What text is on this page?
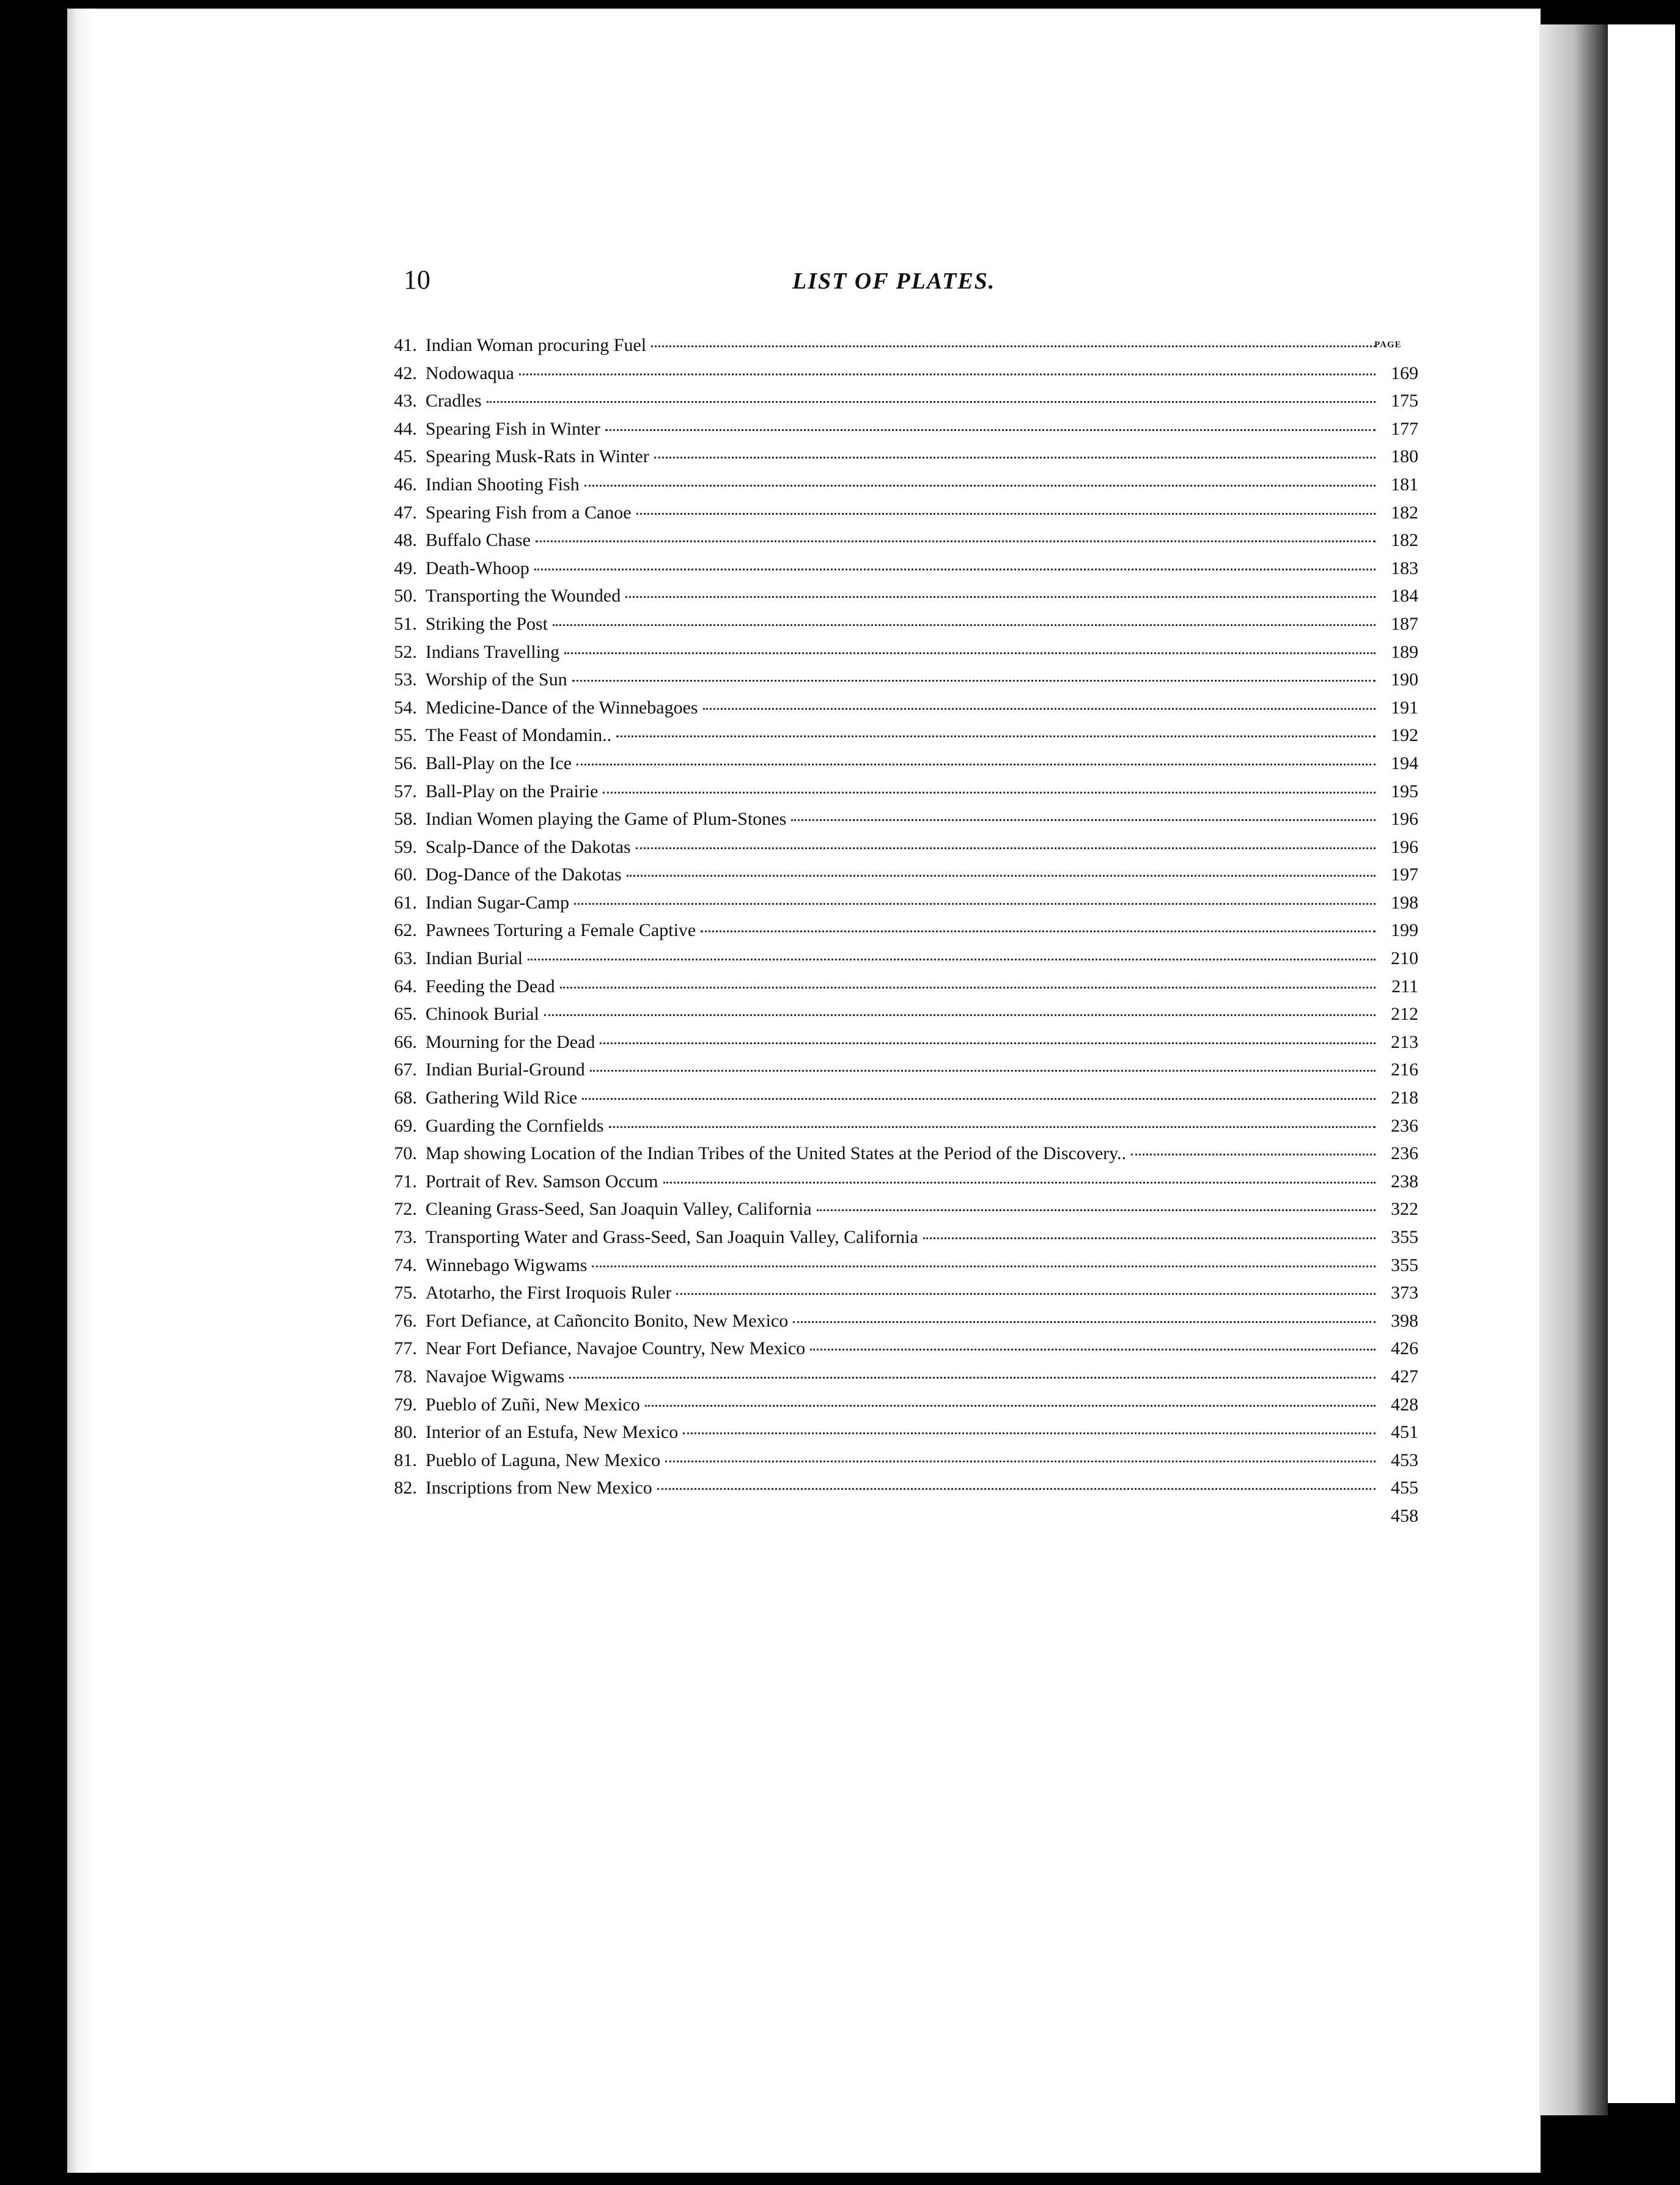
10	LIST OF PLATES.
PAGE
41. Indian Woman procuring Fuel
42. Nodowaqua	169
43. Cradles	175
44. Spearing Fish in Winter	177
45. Spearing Musk-Rats in Winter	180
46. Indian Shooting Fish	181
47. Spearing Fish from a Canoe	182
48. Buffalo Chase	182
49. Death-Whoop	183
50. Transporting the Wounded	184
51. Striking the Post	187
52. Indians Travelling	189
53. Worship of the Sun	190
54. Medicine-Dance of the Winnebagoes	191
55. The Feast of Mondamin..	192
56. Ball-Play on the Ice	194
57. Ball-Play on the Prairie	195
58. Indian Women playing the Game of Plum-Stones	196
59. Scalp-Dance of the Dakotas	196
60. Dog-Dance of the Dakotas	197
61. Indian Sugar-Camp	198
62. Pawnees Torturing a Female Captive	199
63. Indian Burial	210
64. Feeding the Dead	211
65. Chinook Burial	212
66. Mourning for the Dead	213
67. Indian Burial-Ground	216
68. Gathering Wild Rice	218
69. Guarding the Cornfields	236
70. Map showing Location of the Indian Tribes of the United States at the Period of the Discovery..	236
71. Portrait of Rev. Samson Occum	238
72. Cleaning Grass-Seed, San Joaquin Valley, California	322
73. Transporting Water and Grass-Seed, San Joaquin Valley, California	355
74. Winnebago Wigwams	355
75. Atotarho, the First Iroquois Ruler	373
76. Fort Defiance, at Cañoncito Bonito, New Mexico	398
77. Near Fort Defiance, Navajoe Country, New Mexico	426
78. Navajoe Wigwams	427
79. Pueblo of Zuñi, New Mexico	428
80. Interior of an Estufa, New Mexico	451
81. Pueblo of Laguna, New Mexico	453
82. Inscriptions from New Mexico	455
458
